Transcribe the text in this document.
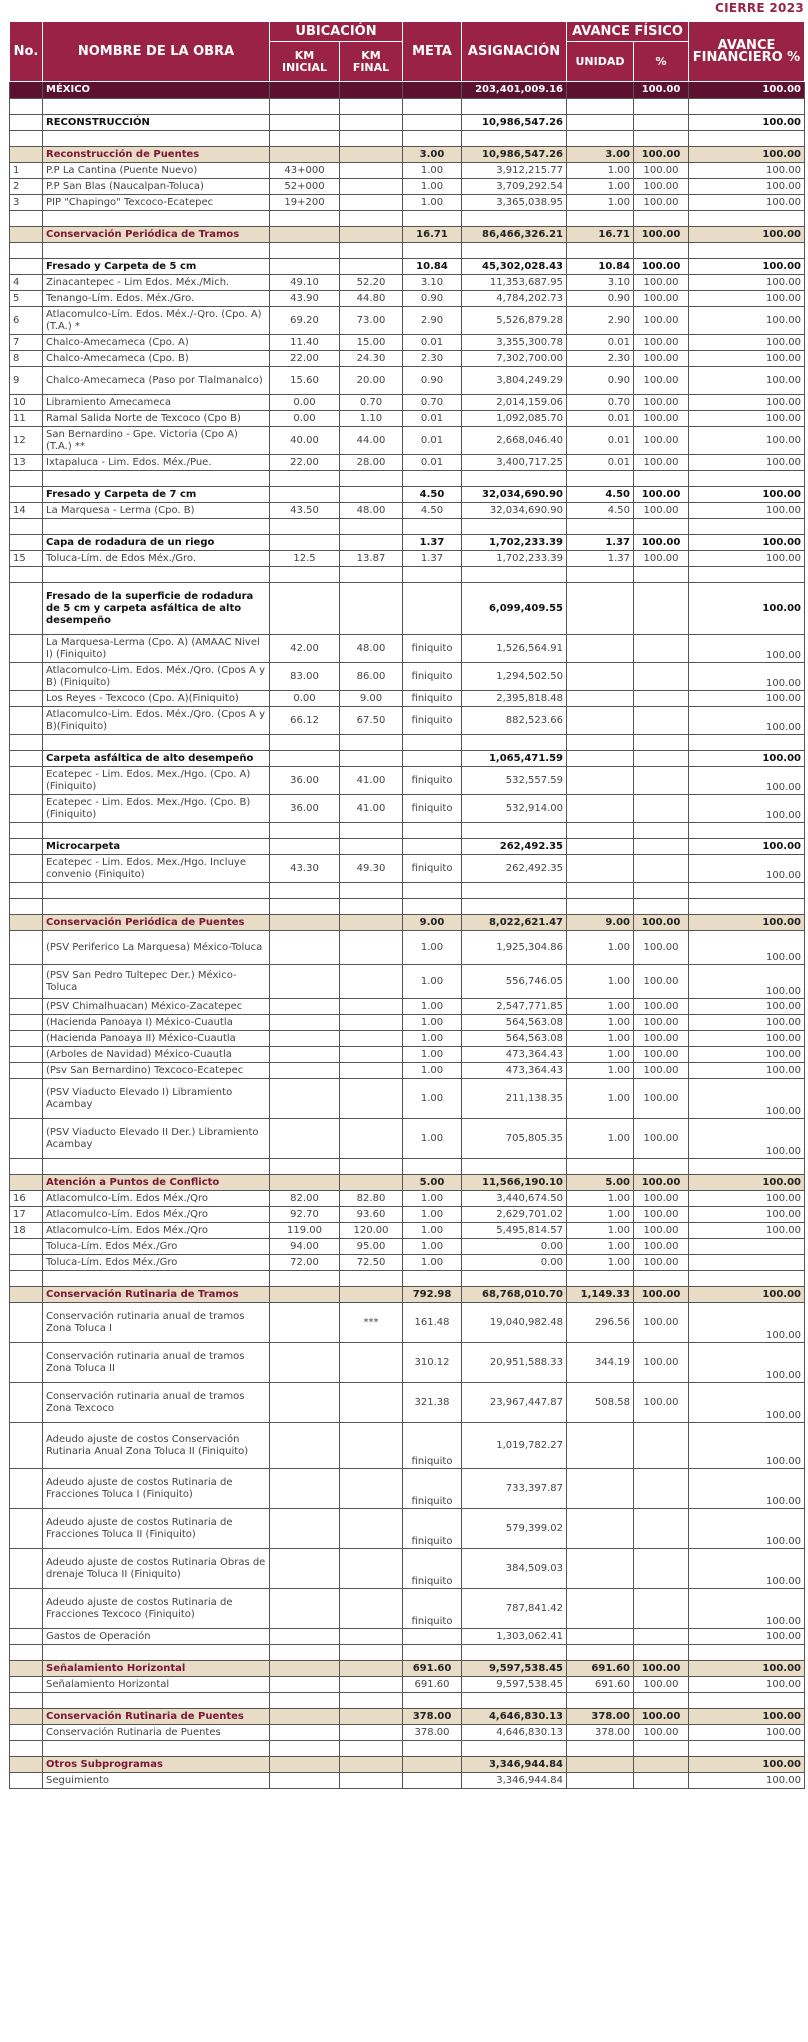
CIERRE 2023
No.	NOMBRE DE LA OBRA	UBICACIÓN		META	ASIGNACIÓN	AVANCE FÍSICO		AVANCE FINANCIERO %
		KM INICIAL	KM FINAL			UNIDAD	%	
	MÉXICO				203,401,009.16		100.00	100.00

	RECONSTRUCCIÓN				10,986,547.26			100.00

	Reconstrucción de Puentes			3.00	10,986,547.26	3.00	100.00	100.00
1	P.P La Cantina (Puente Nuevo)	43+000		1.00	3,912,215.77	1.00	100.00	100.00
2	P.P San Blas (Naucalpan-Toluca)	52+000		1.00	3,709,292.54	1.00	100.00	100.00
3	PIP "Chapingo" Texcoco-Ecatepec	19+200		1.00	3,365,038.95	1.00	100.00	100.00

	Conservación Periódica de Tramos			16.71	86,466,326.21	16.71	100.00	100.00

	Fresado y Carpeta de 5 cm			10.84	45,302,028.43	10.84	100.00	100.00
4	Zinacantepec - Lim Edos. Méx./Mich.	49.10	52.20	3.10	11,353,687.95	3.10	100.00	100.00
5	Tenango-Lím. Edos. Méx./Gro.	43.90	44.80	0.90	4,784,202.73	0.90	100.00	100.00
6	Atlacomulco-Lím. Edos. Méx./-Qro. (Cpo. A) (T.A.) *	69.20	73.00	2.90	5,526,879.28	2.90	100.00	100.00
7	Chalco-Amecameca (Cpo. A)	11.40	15.00	0.01	3,355,300.78	0.01	100.00	100.00
8	Chalco-Amecameca (Cpo. B)	22.00	24.30	2.30	7,302,700.00	2.30	100.00	100.00
9	Chalco-Amecameca (Paso por Tlalmanalco)	15.60	20.00	0.90	3,804,249.29	0.90	100.00	100.00
10	Libramiento Amecameca	0.00	0.70	0.70	2,014,159.06	0.70	100.00	100.00
11	Ramal Salida Norte de Texcoco (Cpo B)	0.00	1.10	0.01	1,092,085.70	0.01	100.00	100.00
12	San Bernardino - Gpe. Victoria (Cpo A) (T.A.) **	40.00	44.00	0.01	2,668,046.40	0.01	100.00	100.00
13	Ixtapaluca - Lim. Edos. Méx./Pue.	22.00	28.00	0.01	3,400,717.25	0.01	100.00	100.00

	Fresado y Carpeta de 7 cm			4.50	32,034,690.90	4.50	100.00	100.00
14	La Marquesa - Lerma (Cpo. B)	43.50	48.00	4.50	32,034,690.90	4.50	100.00	100.00

	Capa de rodadura de un riego			1.37	1,702,233.39	1.37	100.00	100.00
15	Toluca-Lím. de Edos Méx./Gro.	12.5	13.87	1.37	1,702,233.39	1.37	100.00	100.00

	Fresado de la superficie de rodadura de 5 cm y carpeta asfáltica de alto desempeño				6,099,409.55			100.00
	La Marquesa-Lerma (Cpo. A) (AMAAC Nivel I) (Finiquito)	42.00	48.00	finiquito	1,526,564.91			100.00
	Atlacomulco-Lim. Edos. Méx./Qro. (Cpos A y B) (Finiquito)	83.00	86.00	finiquito	1,294,502.50			100.00
	Los Reyes - Texcoco (Cpo. A)(Finiquito)	0.00	9.00	finiquito	2,395,818.48			100.00
	Atlacomulco-Lim. Edos. Méx./Qro. (Cpos A y B)(Finiquito)	66.12	67.50	finiquito	882,523.66			100.00

	Carpeta asfáltica de alto desempeño				1,065,471.59			100.00
	Ecatepec - Lim. Edos. Mex./Hgo. (Cpo. A) (Finiquito)	36.00	41.00	finiquito	532,557.59			100.00
	Ecatepec - Lim. Edos. Mex./Hgo. (Cpo. B) (Finiquito)	36.00	41.00	finiquito	532,914.00			100.00

	Microcarpeta				262,492.35			100.00
	Ecatepec - Lim. Edos. Mex./Hgo. Incluye convenio (Finiquito)	43.30	49.30	finiquito	262,492.35			100.00

	Conservación Periódica de Puentes			9.00	8,022,621.47	9.00	100.00	100.00
	(PSV Periferico La Marquesa) México-Toluca			1.00	1,925,304.86	1.00	100.00	100.00
	(PSV San Pedro Tultepec Der.) México-Toluca			1.00	556,746.05	1.00	100.00	100.00
	(PSV Chimalhuacan) México-Zacatepec			1.00	2,547,771.85	1.00	100.00	100.00
	(Hacienda Panoaya I) México-Cuautla			1.00	564,563.08	1.00	100.00	100.00
	(Hacienda Panoaya II) México-Cuautla			1.00	564,563.08	1.00	100.00	100.00
	(Arboles de Navidad) México-Cuautla			1.00	473,364.43	1.00	100.00	100.00
	(Psv San Bernardino) Texcoco-Ecatepec			1.00	473,364.43	1.00	100.00	100.00
	(PSV Viaducto Elevado I) Libramiento Acambay			1.00	211,138.35	1.00	100.00	100.00
	(PSV Viaducto Elevado II Der.) Libramiento Acambay			1.00	705,805.35	1.00	100.00	100.00

	Atención a Puntos de Conflicto			5.00	11,566,190.10	5.00	100.00	100.00
16	Atlacomulco-Lím. Edos Méx./Qro	82.00	82.80	1.00	3,440,674.50	1.00	100.00	100.00
17	Atlacomulco-Lím. Edos Méx./Qro	92.70	93.60	1.00	2,629,701.02	1.00	100.00	100.00
18	Atlacomulco-Lím. Edos Méx./Qro	119.00	120.00	1.00	5,495,814.57	1.00	100.00	100.00
	Toluca-Lím. Edos Méx./Gro	94.00	95.00	1.00	0.00	1.00	100.00	
	Toluca-Lím. Edos Méx./Gro	72.00	72.50	1.00	0.00	1.00	100.00	

	Conservación Rutinaria de Tramos			792.98	68,768,010.70	1,149.33	100.00	100.00
	Conservación rutinaria anual de tramos Zona Toluca I		***	161.48	19,040,982.48	296.56	100.00	100.00
	Conservación rutinaria anual de tramos Zona Toluca II			310.12	20,951,588.33	344.19	100.00	100.00
	Conservación rutinaria anual de tramos Zona Texcoco			321.38	23,967,447.87	508.58	100.00	100.00
	Adeudo ajuste de costos Conservación Rutinaria Anual Zona Toluca II (Finiquito)			finiquito	1,019,782.27			100.00
	Adeudo ajuste de costos Rutinaria de Fracciones Toluca I (Finiquito)			finiquito	733,397.87			100.00
	Adeudo ajuste de costos Rutinaria de Fracciones Toluca II (Finiquito)			finiquito	579,399.02			100.00
	Adeudo ajuste de costos Rutinaria Obras de drenaje Toluca II (Finiquito)			finiquito	384,509.03			100.00
	Adeudo ajuste de costos Rutinaria de Fracciones Texcoco (Finiquito)			finiquito	787,841.42			100.00
	Gastos de Operación				1,303,062.41			100.00

	Señalamiento Horizontal			691.60	9,597,538.45	691.60	100.00	100.00
	Señalamiento Horizontal			691.60	9,597,538.45	691.60	100.00	100.00

	Conservación Rutinaria de Puentes			378.00	4,646,830.13	378.00	100.00	100.00
	Conservación Rutinaria de Puentes			378.00	4,646,830.13	378.00	100.00	100.00

	Otros Subprogramas				3,346,944.84			100.00
	Seguimiento				3,346,944.84			100.00
